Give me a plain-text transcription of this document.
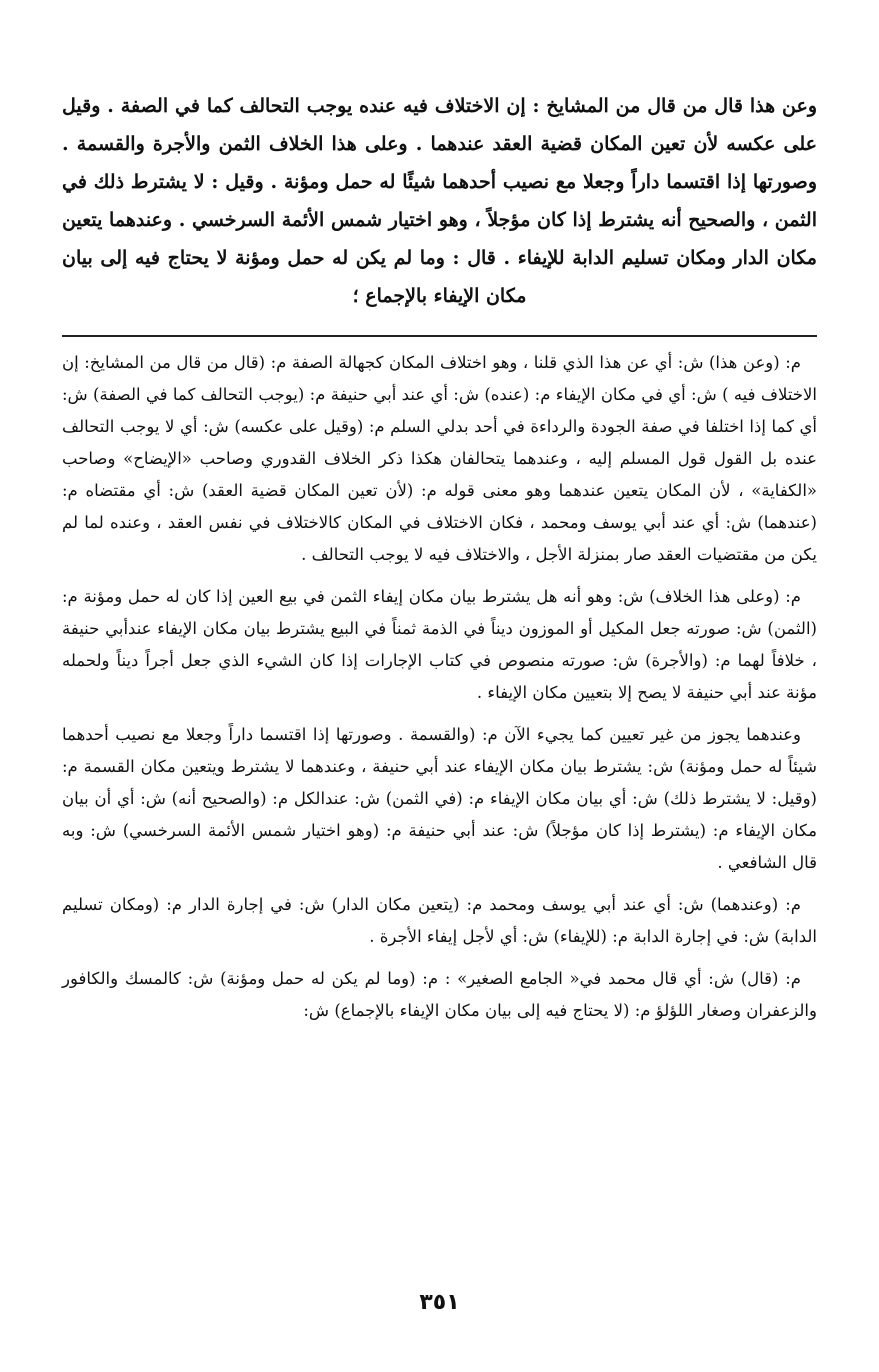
وعن هذا قال من قال من المشايخ : إن الاختلاف فيه عنده يوجب التحالف كما في الصفة . وقيل على عكسه لأن تعين المكان قضية العقد عندهما . وعلى هذا الخلاف الثمن والأجرة والقسمة . وصورتها إذا اقتسما داراً وجعلا مع نصيب أحدهما شيئًا له حمل ومؤنة . وقيل : لا يشترط ذلك في الثمن ، والصحيح أنه يشترط إذا كان مؤجلاً ، وهو اختيار شمس الأئمة السرخسي . وعندهما يتعين مكان الدار ومكان تسليم الدابة للإيفاء . قال : وما لم يكن له حمل ومؤنة لا يحتاج فيه إلى بيان مكان الإيفاء بالإجماع ؛

م: (وعن هذا) ش: أي عن هذا الذي قلنا ، وهو اختلاف المكان كجهالة الصفة م: (قال من قال من المشايخ: إن الاختلاف فيه ) ش: أي في مكان الإيفاء م: (عنده) ش: أي عند أبي حنيفة م: (يوجب التحالف كما في الصفة) ش: أي كما إذا اختلفا في صفة الجودة والرداءة في أحد بدلي السلم م: (وقيل على عكسه) ش: أي لا يوجب التحالف عنده بل القول قول المسلم إليه ، وعندهما يتحالفان هكذا ذكر الخلاف القدوري وصاحب «الإيضاح» وصاحب «الكفاية» ، لأن المكان يتعين عندهما وهو معنى قوله م: (لأن تعين المكان قضية العقد) ش: أي مقتضاه م: (عندهما) ش: أي عند أبي يوسف ومحمد ، فكان الاختلاف في المكان كالاختلاف في نفس العقد ، وعنده لما لم يكن من مقتضيات العقد صار بمنزلة الأجل ، والاختلاف فيه لا يوجب التحالف .

م: (وعلى هذا الخلاف) ش: وهو أنه هل يشترط بيان مكان إيفاء الثمن في بيع العين إذا كان له حمل ومؤنة م: (الثمن) ش: صورته جعل المكيل أو الموزون ديناً في الذمة ثمناً في البيع يشترط بيان مكان الإيفاء عندأبي حنيفة ، خلافاً لهما م: (والأجرة) ش: صورته منصوص في كتاب الإجارات إذا كان الشيء الذي جعل أجراً ديناً ولحمله مؤنة عند أبي حنيفة لا يصح إلا بتعيين مكان الإيفاء .

وعندهما يجوز من غير تعيين كما يجيء الآن م: (والقسمة . وصورتها إذا اقتسما داراً وجعلا مع نصيب أحدهما شيئاً له حمل ومؤنة) ش: يشترط بيان مكان الإيفاء عند أبي حنيفة ، وعندهما لا يشترط ويتعين مكان القسمة م: (وقيل: لا يشترط ذلك) ش: أي بيان مكان الإيفاء م: (في الثمن) ش: عندالكل م: (والصحيح أنه) ش: أي أن بيان مكان الإيفاء م: (يشترط إذا كان مؤجلاً) ش: عند أبي حنيفة م: (وهو اختيار شمس الأئمة السرخسي) ش: وبه قال الشافعي .

م: (وعندهما) ش: أي عند أبي يوسف ومحمد م: (يتعين مكان الدار) ش: في إجارة الدار م: (ومكان تسليم الدابة) ش: في إجارة الدابة م: (للإيفاء) ش: أي لأجل إيفاء الأجرة .

م: (قال) ش: أي قال محمد في« الجامع الصغير» : م: (وما لم يكن له حمل ومؤنة) ش: كالمسك والكافور والزعفران وصغار اللؤلؤ م: (لا يحتاج فيه إلى بيان مكان الإيفاء بالإجماع) ش:

٣٥١
